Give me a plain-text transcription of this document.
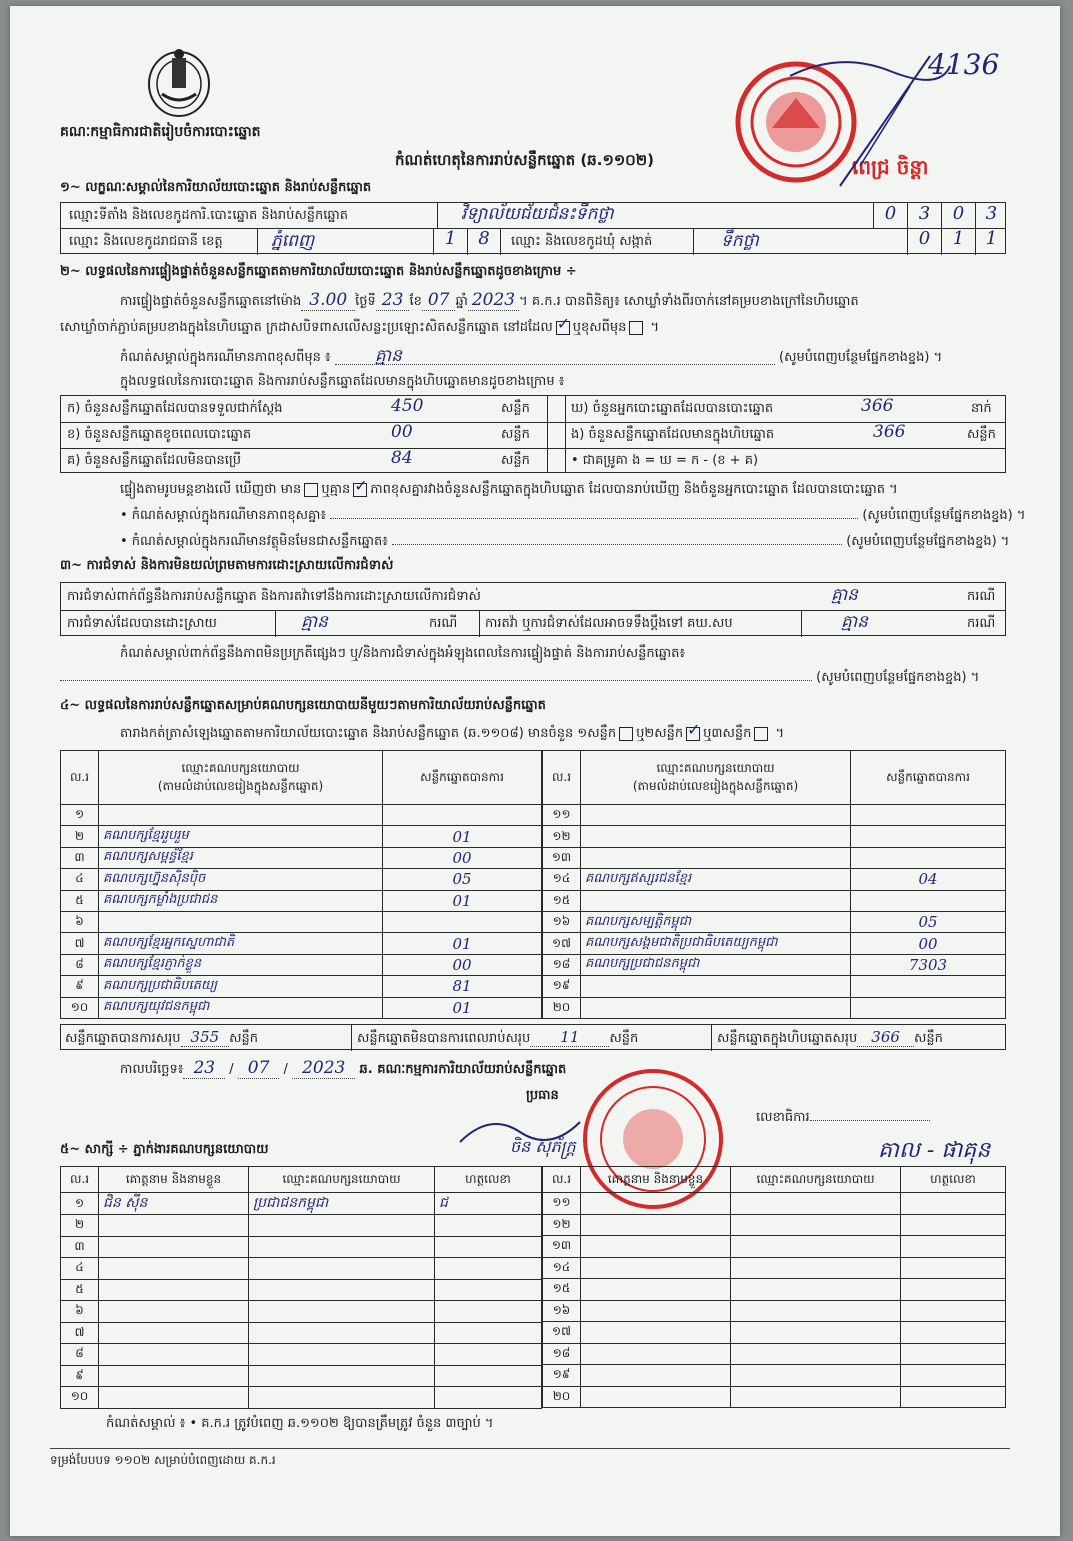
គណៈកម្មាធិការជាតិរៀបចំការបោះឆ្នោត
កំណត់ហេតុនៃការរាប់សន្លឹកឆ្នោត (ឆ.១១០២)
4136
ពេជ្រ ចិន្តា
១~ លក្ខណៈសម្គាល់នៃការិយាល័យបោះឆ្នោត និងរាប់សន្លឹកឆ្នោត
ឈ្មោះទីតាំង និងលេខកូដការិ.បោះឆ្នោត និងរាប់សន្លឹកឆ្នោត	វិទ្យាល័យជ័យជំនះទឹកថ្លា	0	3	0	3
ឈ្មោះ និងលេខកូដរាជធានី ខេត្ត	ភ្នំពេញ	1	8	ឈ្មោះ និងលេខកូដឃុំ សង្កាត់	ទឹកថ្លា	0	1	1
២~ លទ្ធផលនៃការផ្ទៀងផ្ទាត់ចំនួនសន្លឹកឆ្នោតតាមការិយាល័យបោះឆ្នោត និងរាប់សន្លឹកឆ្នោតដូចខាងក្រោម ÷
ការផ្ទៀងផ្ទាត់ចំនួនសន្លឹកឆ្នោតនៅម៉ោង 3.00 ថ្ងៃទី 23 ខែ 07 ឆ្នាំ 2023 ។ គ.ក.រ បានពិនិត្យ៖ សោឃ្លាំទាំងពីរចាក់នៅគម្របខាងក្រៅនៃហិបឆ្នោត
សោឃ្លាំចាក់ភ្ជាប់គម្របខាងក្នុងនៃហិបឆ្នោត ក្រដាសបិទពាសលើសន្លះប្រឡោះសិតសន្លឹកឆ្នោត នៅដដែល ✓ ឬខុសពីមុន ។
កំណត់សម្គាល់ក្នុងករណីមានភាពខុសពីមុន ៖	គ្មាន	(សូមបំពេញបន្ថែមផ្នែកខាងខ្នង) ។
ក្នុងលទ្ធផលនៃការបោះឆ្នោត និងការរាប់សន្លឹកឆ្នោតដែលមានក្នុងហិបឆ្នោតមានដូចខាងក្រោម ៖
ក) ចំនួនសន្លឹកឆ្នោតដែលបានទទួលជាក់ស្តែង	450	សន្លឹក
ខ) ចំនួនសន្លឹកឆ្នោតខូចពេលបោះឆ្នោត	00	សន្លឹក
គ) ចំនួនសន្លឹកឆ្នោតដែលមិនបានប្រើ	84	សន្លឹក
ឃ) ចំនួនអ្នកបោះឆ្នោតដែលបានបោះឆ្នោត	366	នាក់
ង) ចំនួនសន្លឹកឆ្នោតដែលមានក្នុងហិបឆ្នោត	366	សន្លឹក
• ជាគម្រូគា ង = ឃ = ក - (ខ + គ)
ផ្ទៀងតាមរូបមន្តខាងលើ ឃើញថា មាន ឬគ្មាន ✓ ភាពខុសគ្នារវាងចំនួនសន្លឹកឆ្នោតក្នុងហិបឆ្នោត ដែលបានរាប់ឃើញ និងចំនួនអ្នកបោះឆ្នោត ដែលបានបោះឆ្នោត ។
• កំណត់សម្គាល់ក្នុងករណីមានភាពខុសគ្នា៖	(សូមបំពេញបន្ថែមផ្នែកខាងខ្នង) ។
• កំណត់សម្គាល់ក្នុងករណីមានវត្ថុមិនមែនជាសន្លឹកឆ្នោត៖	(សូមបំពេញបន្ថែមផ្នែកខាងខ្នង) ។
៣~ ការជំទាស់ និងការមិនយល់ព្រមតាមការដោះស្រាយលើការជំទាស់
ការជំទាស់ពាក់ព័ន្ធនឹងការរាប់សន្លឹកឆ្នោត និងការតវ៉ាទៅនឹងការដោះស្រាយលើការជំទាស់	គ្មាន	ករណី
ការជំទាស់ដែលបានដោះស្រាយ	គ្មាន	ករណី ការតវ៉ា ឬការជំទាស់ដែលអាចទទឹងប្តឹងទៅ គឃ.សប	គ្មាន	ករណី
កំណត់សម្គាល់ពាក់ព័ន្ធនឹងភាពមិនប្រក្រតីផ្សេងៗ ឬ/និងការជំទាស់ក្នុងអំឡុងពេលនៃការផ្ទៀងផ្ទាត់ និងការរាប់សន្លឹកឆ្នោត៖
(សូមបំពេញបន្ថែមផ្នែកខាងខ្នង) ។
៤~ លទ្ធផលនៃការរាប់សន្លឹកឆ្នោតសម្រាប់គណបក្សនយោបាយនីមួយៗតាមការិយាល័យរាប់សន្លឹកឆ្នោត
តារាងកត់ត្រាសំឡេងឆ្នោតតាមការិយាល័យបោះឆ្នោត និងរាប់សន្លឹកឆ្នោត (ឆ.១១០៨) មានចំនួន ១សន្លឹក ឬ២សន្លឹក ✓ ឬ៣សន្លឹក ។
ល.រ	ឈ្មោះគណបក្សនយោបាយ
(តាមលំដាប់លេខរៀងក្នុងសន្លឹកឆ្នោត)	សន្លឹកឆ្នោតបានការ
១		
២	គណបក្សខ្មែររួបរួម	01
៣	គណបក្សសម្ពន្ធ័ខ្មែរ	00
៤	គណបក្សហ្វ៊ុនស៊ិនប៉ិច	05
៥	គណបក្សកម្លាំងប្រជាជន	01
៦		
៧	គណបក្សខ្មែរអ្នកស្នេហាជាតិ	01
៨	គណបក្សខ្មែរភ្ញាក់ខ្លួន	00
៩	គណបក្សប្រជាធិបតេយ្យ	81
១០	គណបក្សយុវជនកម្ពុជា	01
ល.រ	ឈ្មោះគណបក្សនយោបាយ
(តាមលំដាប់លេខរៀងក្នុងសន្លឹកឆ្នោត)	សន្លឹកឆ្នោតបានការ
១១		
១២		
១៣		
១៤	គណបក្សឥស្សរជនខ្មែរ	04
១៥		
១៦	គណបក្សសម្បត្តិកម្ពុជា	05
១៧	គណបក្សសង្គមជាតិប្រជាធិបតេយ្យកម្ពុជា	00
១៨	គណបក្សប្រជាជនកម្ពុជា	7303
១៩		
២០		
សន្លឹកឆ្នោតបានការសរុប 355 សន្លឹក	សន្លឹកឆ្នោតមិនបានការពេលរាប់សរុប 11 សន្លឹក	សន្លឹកឆ្នោតក្នុងហិបឆ្នោតសរុប 366 សន្លឹក
កាលបរិច្ឆេទ៖ 23 / 07 / 2023 ឆ. គណៈកម្មការការិយាល័យរាប់សន្លឹកឆ្នោត
ប្រធាន
ចិន សុភ័ក្ត្រ
លេខាធិការ
គាល - ផាគុន
៥~ សាក្សី ÷ ភ្នាក់ងារគណបក្សនយោបាយ
ល.រ	គោត្តនាម និងនាមខ្លួន	ឈ្មោះគណបក្សនយោបាយ	ហត្ថលេខា
១	ជិន ស៊ីន	ប្រជាជនកម្ពុជា	ជ
២			
៣			
៤			
៥			
៦			
៧			
៨			
៩			
១០			
ល.រ	គោត្តនាម និងនាមខ្លួន	ឈ្មោះគណបក្សនយោបាយ	ហត្ថលេខា
១១			
១២			
១៣			
១៤			
១៥			
១៦			
១៧			
១៨			
១៩			
២០			
កំណត់សម្គាល់ ៖ • គ.ក.រ ត្រូវបំពេញ ឆ.១១០២ ឱ្យបានត្រឹមត្រូវ ចំនួន ៣ច្បាប់ ។
ទម្រង់បែបបទ ១១០២ សម្រាប់បំពេញដោយ គ.ក.រ
